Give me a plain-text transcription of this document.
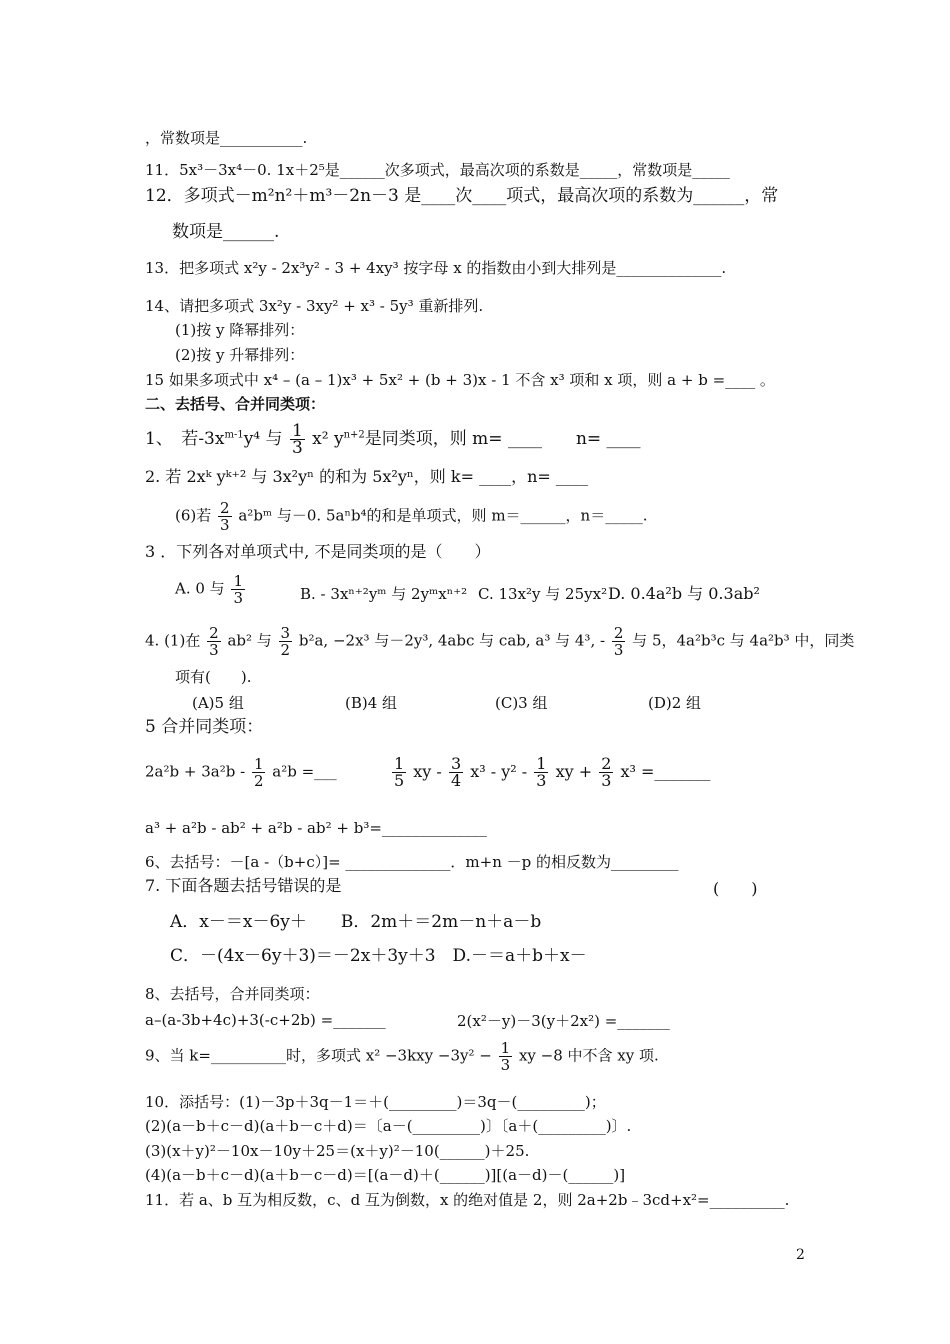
，常数项是___________.
11．5x³－3x⁴－0. 1x＋2⁵是______次多项式，最高次项的系数是_____，常数项是_____
12．多项式－m²n²＋m³－2n－3 是____次____项式，最高次项的系数为______，常
数项是______.
13．把多项式 x²y - 2x³y² - 3 + 4xy³ 按字母 x 的指数由小到大排列是______________.
14、请把多项式 3x²y - 3xy² + x³ - 5y³ 重新排列.
(1)按 y 降幂排列：
(2)按 y 升幂排列：
15 如果多项式中 x⁴ – (a – 1)x³ + 5x² + (b + 3)x - 1 不含 x³ 项和 x 项，则 a + b =____ 。
二、去括号、合并同类项：
1、　若$-3x^{m-1}y^4$ 与 $\frac{1}{3} x^2$ $y^{n+2}$是同类项，则 m= ____　　n= ____
2. 若 2xᵏ yᵏ⁺² 与 3x²yⁿ 的和为 5x²yⁿ，则 k= ____，n= ____
(6)若 $\frac{2}{3}$ a²bᵐ 与－0. 5aⁿb⁴的和是单项式，则 m＝______，n＝_____.
3 ．下列各对单项式中, 不是同类项的是（　　）
A. 0 与 $\frac{1}{3}$	B. - 3xⁿ⁺²yᵐ 与 2yᵐxⁿ⁺² C. 13x²y 与 25yx² D. 0.4a²b 与 0.3ab²
4. (1)在 $\frac{2}{3} ab^2$ 与 $\frac{3}{2} b^2a$, −2x³ 与－2y³, 4abc 与 cab, a³ 与 4³, - $\frac{2}{3}$ 与 5，4a²b³c 与 4a²b³ 中，同类
项有(　　).
(A)5 组	(B)4 组	(C)3 组	(D)2 组
5 合并同类项：
$2a^2b + 3a^2b - \frac{1}{2} a^2b$ =___	$\frac{1}{5}$ xy - $\frac{3}{4} x^3 - y^2 - \frac{1}{3}$ xy + $\frac{2}{3} x^3$ =_______
a³ + a²b - ab² + a²b - ab² + b³=______________
6、去括号：－[a -（b+c）]= ______________．m+n －p 的相反数为_________
7. 下面各题去括号错误的是	(　　)
A．x－＝x－6y＋　　B．2m＋＝2m－n＋a－b
C．－(4x－6y＋3)＝－2x＋3y＋3　D.－＝a＋b＋x－
8、去括号，合并同类项：
a–(a-3b+4c)+3(-c+2b) =_______	2(x²－y)－3(y＋2x²) =_______
9、当 k=__________时，多项式 $x^2 -3kxy -3y^2 - \frac{1}{3}$ xy −8 中不含 xy 项.
10．添括号：(1)－3p＋3q－1＝＋(_________)＝3q－(_________)；
(2)(a－b＋c－d)(a＋b－c＋d)＝〔a－(_________)〕〔a＋(_________)〕.
(3)(x＋y)²－10x－10y＋25＝(x＋y)²－10(______)＋25.
(4)(a－b＋c－d)(a＋b－c－d)＝[(a－d)＋(______)][(a－d)－(______)]
11．若 a、b 互为相反数，c、d 互为倒数，x 的绝对值是 2，则 2a+2b﹣3cd+x²=__________.
2
